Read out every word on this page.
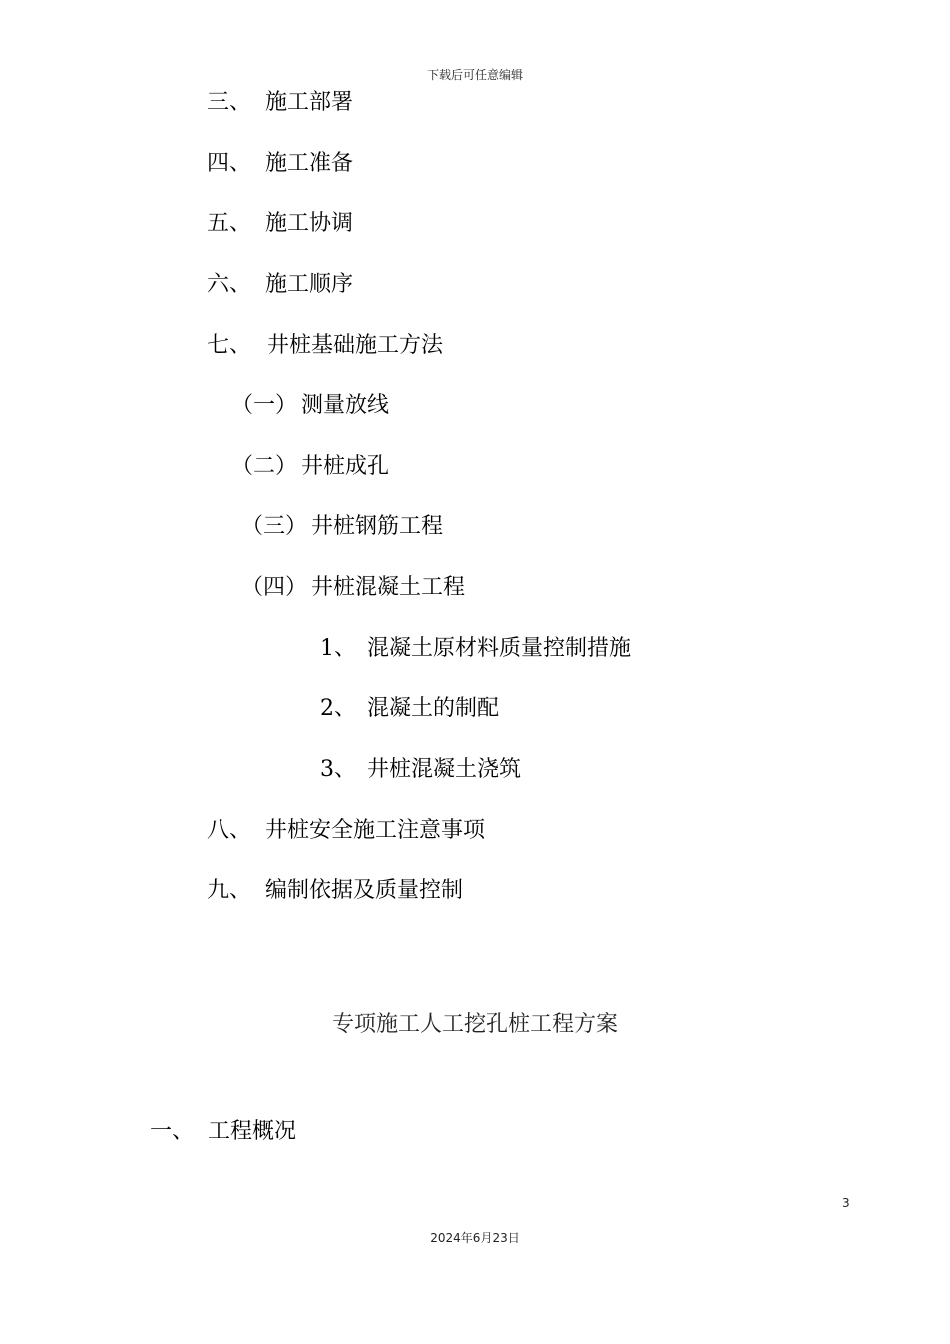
下载后可任意编辑
三、 施工部署
四、 施工准备
五、 施工协调
六、 施工顺序
七、 井桩基础施工方法
（一） 测量放线
（二） 井桩成孔
（三） 井桩钢筋工程
（四） 井桩混凝土工程
1、 混凝土原材料质量控制措施
2、 混凝土的制配
3、 井桩混凝土浇筑
八、 井桩安全施工注意事项
九、 编制依据及质量控制
专项施工人工挖孔桩工程方案
一、 工程概况
3
2024年6月23日
